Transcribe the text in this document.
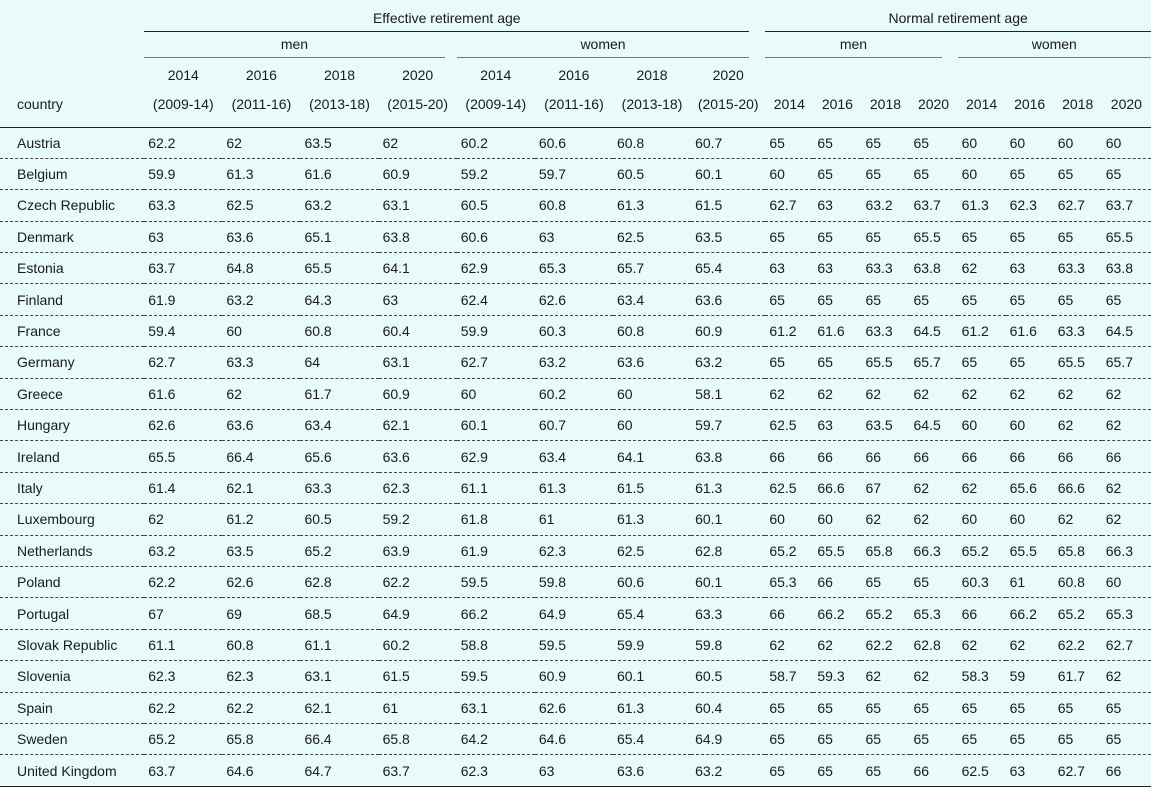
	Effective retirement age								Normal retirement age							

	men				women				men				women			

	2014	2016	2018	2020	2014	2016	2018	2020								
country	(2009-14)	(2011-16)	(2013-18)	(2015-20)	(2009-14)	(2011-16)	(2013-18)	(2015-20)	2014	2016	2018	2020	2014	2016	2018	2020

Austria	62.2	62	63.5	62	60.2	60.6	60.8	60.7	65	65	65	65	60	60	60	60
Belgium	59.9	61.3	61.6	60.9	59.2	59.7	60.5	60.1	60	65	65	65	60	65	65	65
Czech Republic	63.3	62.5	63.2	63.1	60.5	60.8	61.3	61.5	62.7	63	63.2	63.7	61.3	62.3	62.7	63.7
Denmark	63	63.6	65.1	63.8	60.6	63	62.5	63.5	65	65	65	65.5	65	65	65	65.5
Estonia	63.7	64.8	65.5	64.1	62.9	65.3	65.7	65.4	63	63	63.3	63.8	62	63	63.3	63.8
Finland	61.9	63.2	64.3	63	62.4	62.6	63.4	63.6	65	65	65	65	65	65	65	65
France	59.4	60	60.8	60.4	59.9	60.3	60.8	60.9	61.2	61.6	63.3	64.5	61.2	61.6	63.3	64.5
Germany	62.7	63.3	64	63.1	62.7	63.2	63.6	63.2	65	65	65.5	65.7	65	65	65.5	65.7
Greece	61.6	62	61.7	60.9	60	60.2	60	58.1	62	62	62	62	62	62	62	62
Hungary	62.6	63.6	63.4	62.1	60.1	60.7	60	59.7	62.5	63	63.5	64.5	60	60	62	62
Ireland	65.5	66.4	65.6	63.6	62.9	63.4	64.1	63.8	66	66	66	66	66	66	66	66
Italy	61.4	62.1	63.3	62.3	61.1	61.3	61.5	61.3	62.5	66.6	67	62	62	65.6	66.6	62
Luxembourg	62	61.2	60.5	59.2	61.8	61	61.3	60.1	60	60	62	62	60	60	62	62
Netherlands	63.2	63.5	65.2	63.9	61.9	62.3	62.5	62.8	65.2	65.5	65.8	66.3	65.2	65.5	65.8	66.3
Poland	62.2	62.6	62.8	62.2	59.5	59.8	60.6	60.1	65.3	66	65	65	60.3	61	60.8	60
Portugal	67	69	68.5	64.9	66.2	64.9	65.4	63.3	66	66.2	65.2	65.3	66	66.2	65.2	65.3
Slovak Republic	61.1	60.8	61.1	60.2	58.8	59.5	59.9	59.8	62	62	62.2	62.8	62	62	62.2	62.7
Slovenia	62.3	62.3	63.1	61.5	59.5	60.9	60.1	60.5	58.7	59.3	62	62	58.3	59	61.7	62
Spain	62.2	62.2	62.1	61	63.1	62.6	61.3	60.4	65	65	65	65	65	65	65	65
Sweden	65.2	65.8	66.4	65.8	64.2	64.6	65.4	64.9	65	65	65	65	65	65	65	65
United Kingdom	63.7	64.6	64.7	63.7	62.3	63	63.6	63.2	65	65	65	66	62.5	63	62.7	66
